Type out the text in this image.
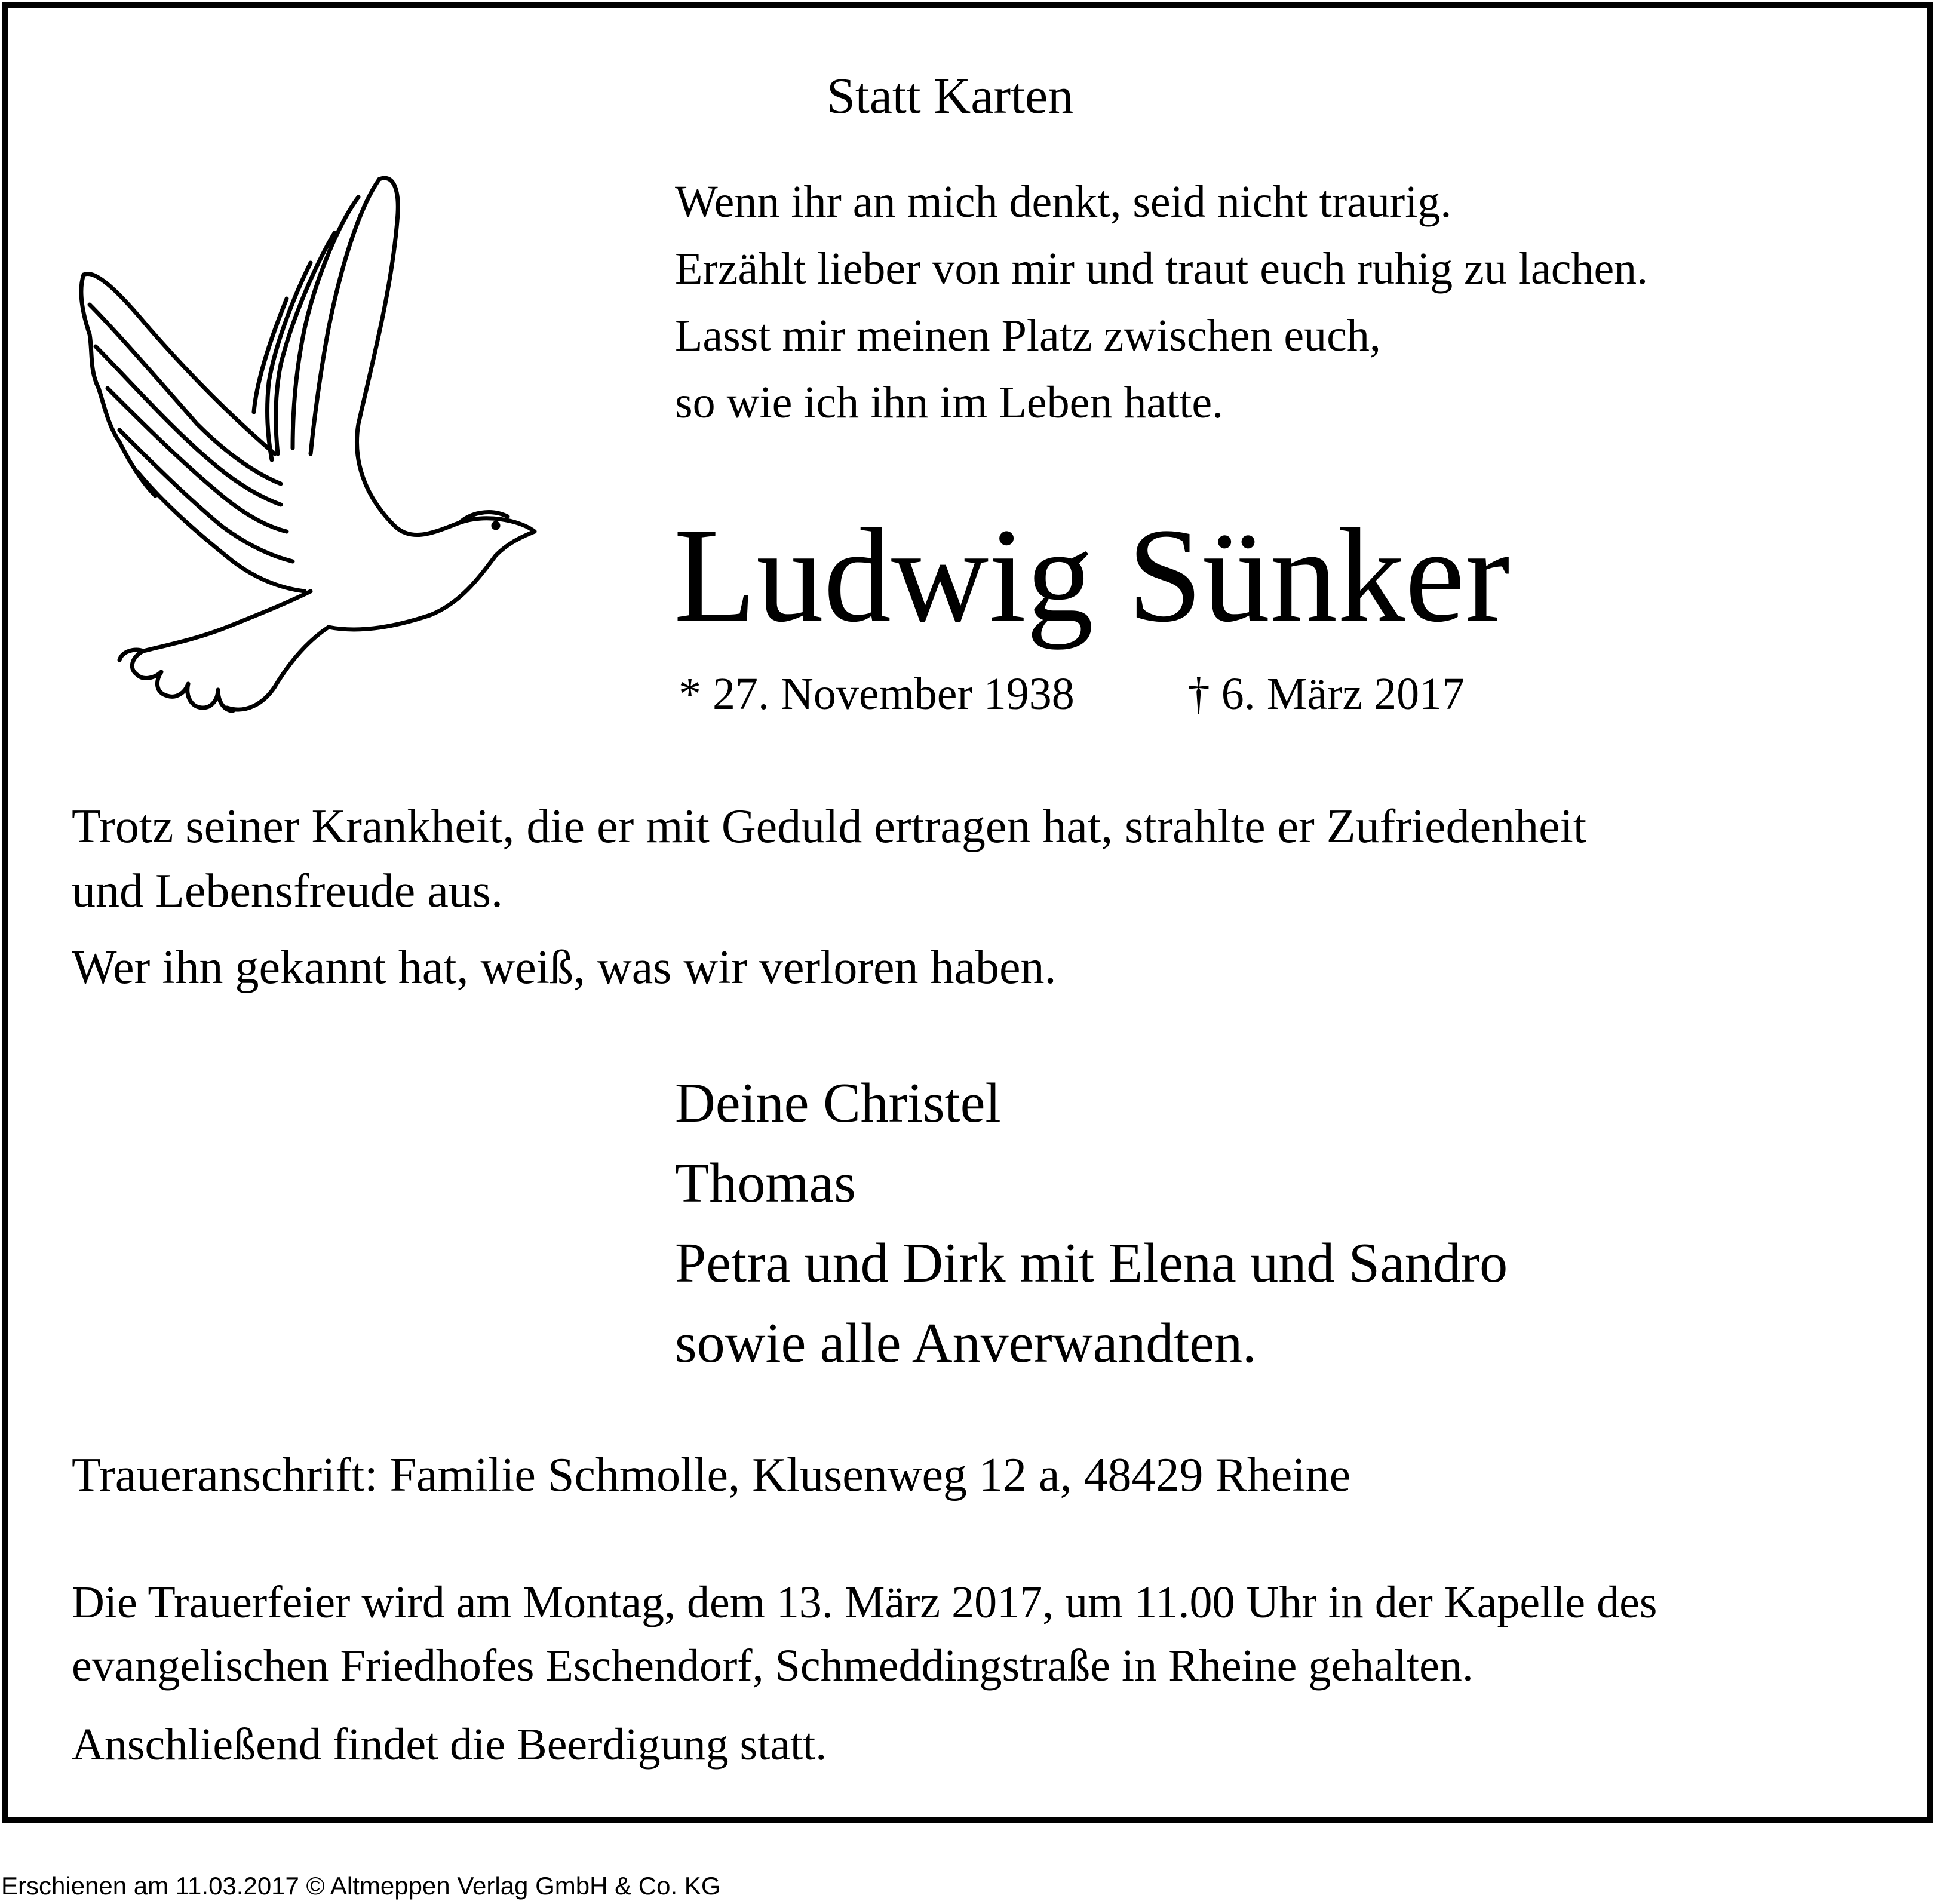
Statt Karten
Wenn ihr an mich denkt, seid nicht traurig.
Erzählt lieber von mir und traut euch ruhig zu lachen.
Lasst mir meinen Platz zwischen euch,
so wie ich ihn im Leben hatte.
Ludwig Sünker
* 27. November 1938 † 6. März 2017
Trotz seiner Krankheit, die er mit Geduld ertragen hat, strahlte er Zufriedenheit
und Lebensfreude aus.
Wer ihn gekannt hat, weiß, was wir verloren haben.
Deine Christel
Thomas
Petra und Dirk mit Elena und Sandro
sowie alle Anverwandten.
Traueranschrift: Familie Schmolle, Klusenweg 12 a, 48429 Rheine
Die Trauerfeier wird am Montag, dem 13. März 2017, um 11.00 Uhr in der Kapelle des
evangelischen Friedhofes Eschendorf, Schmeddingstraße in Rheine gehalten.
Anschließend findet die Beerdigung statt.
Erschienen am 11.03.2017 © Altmeppen Verlag GmbH & Co. KG
